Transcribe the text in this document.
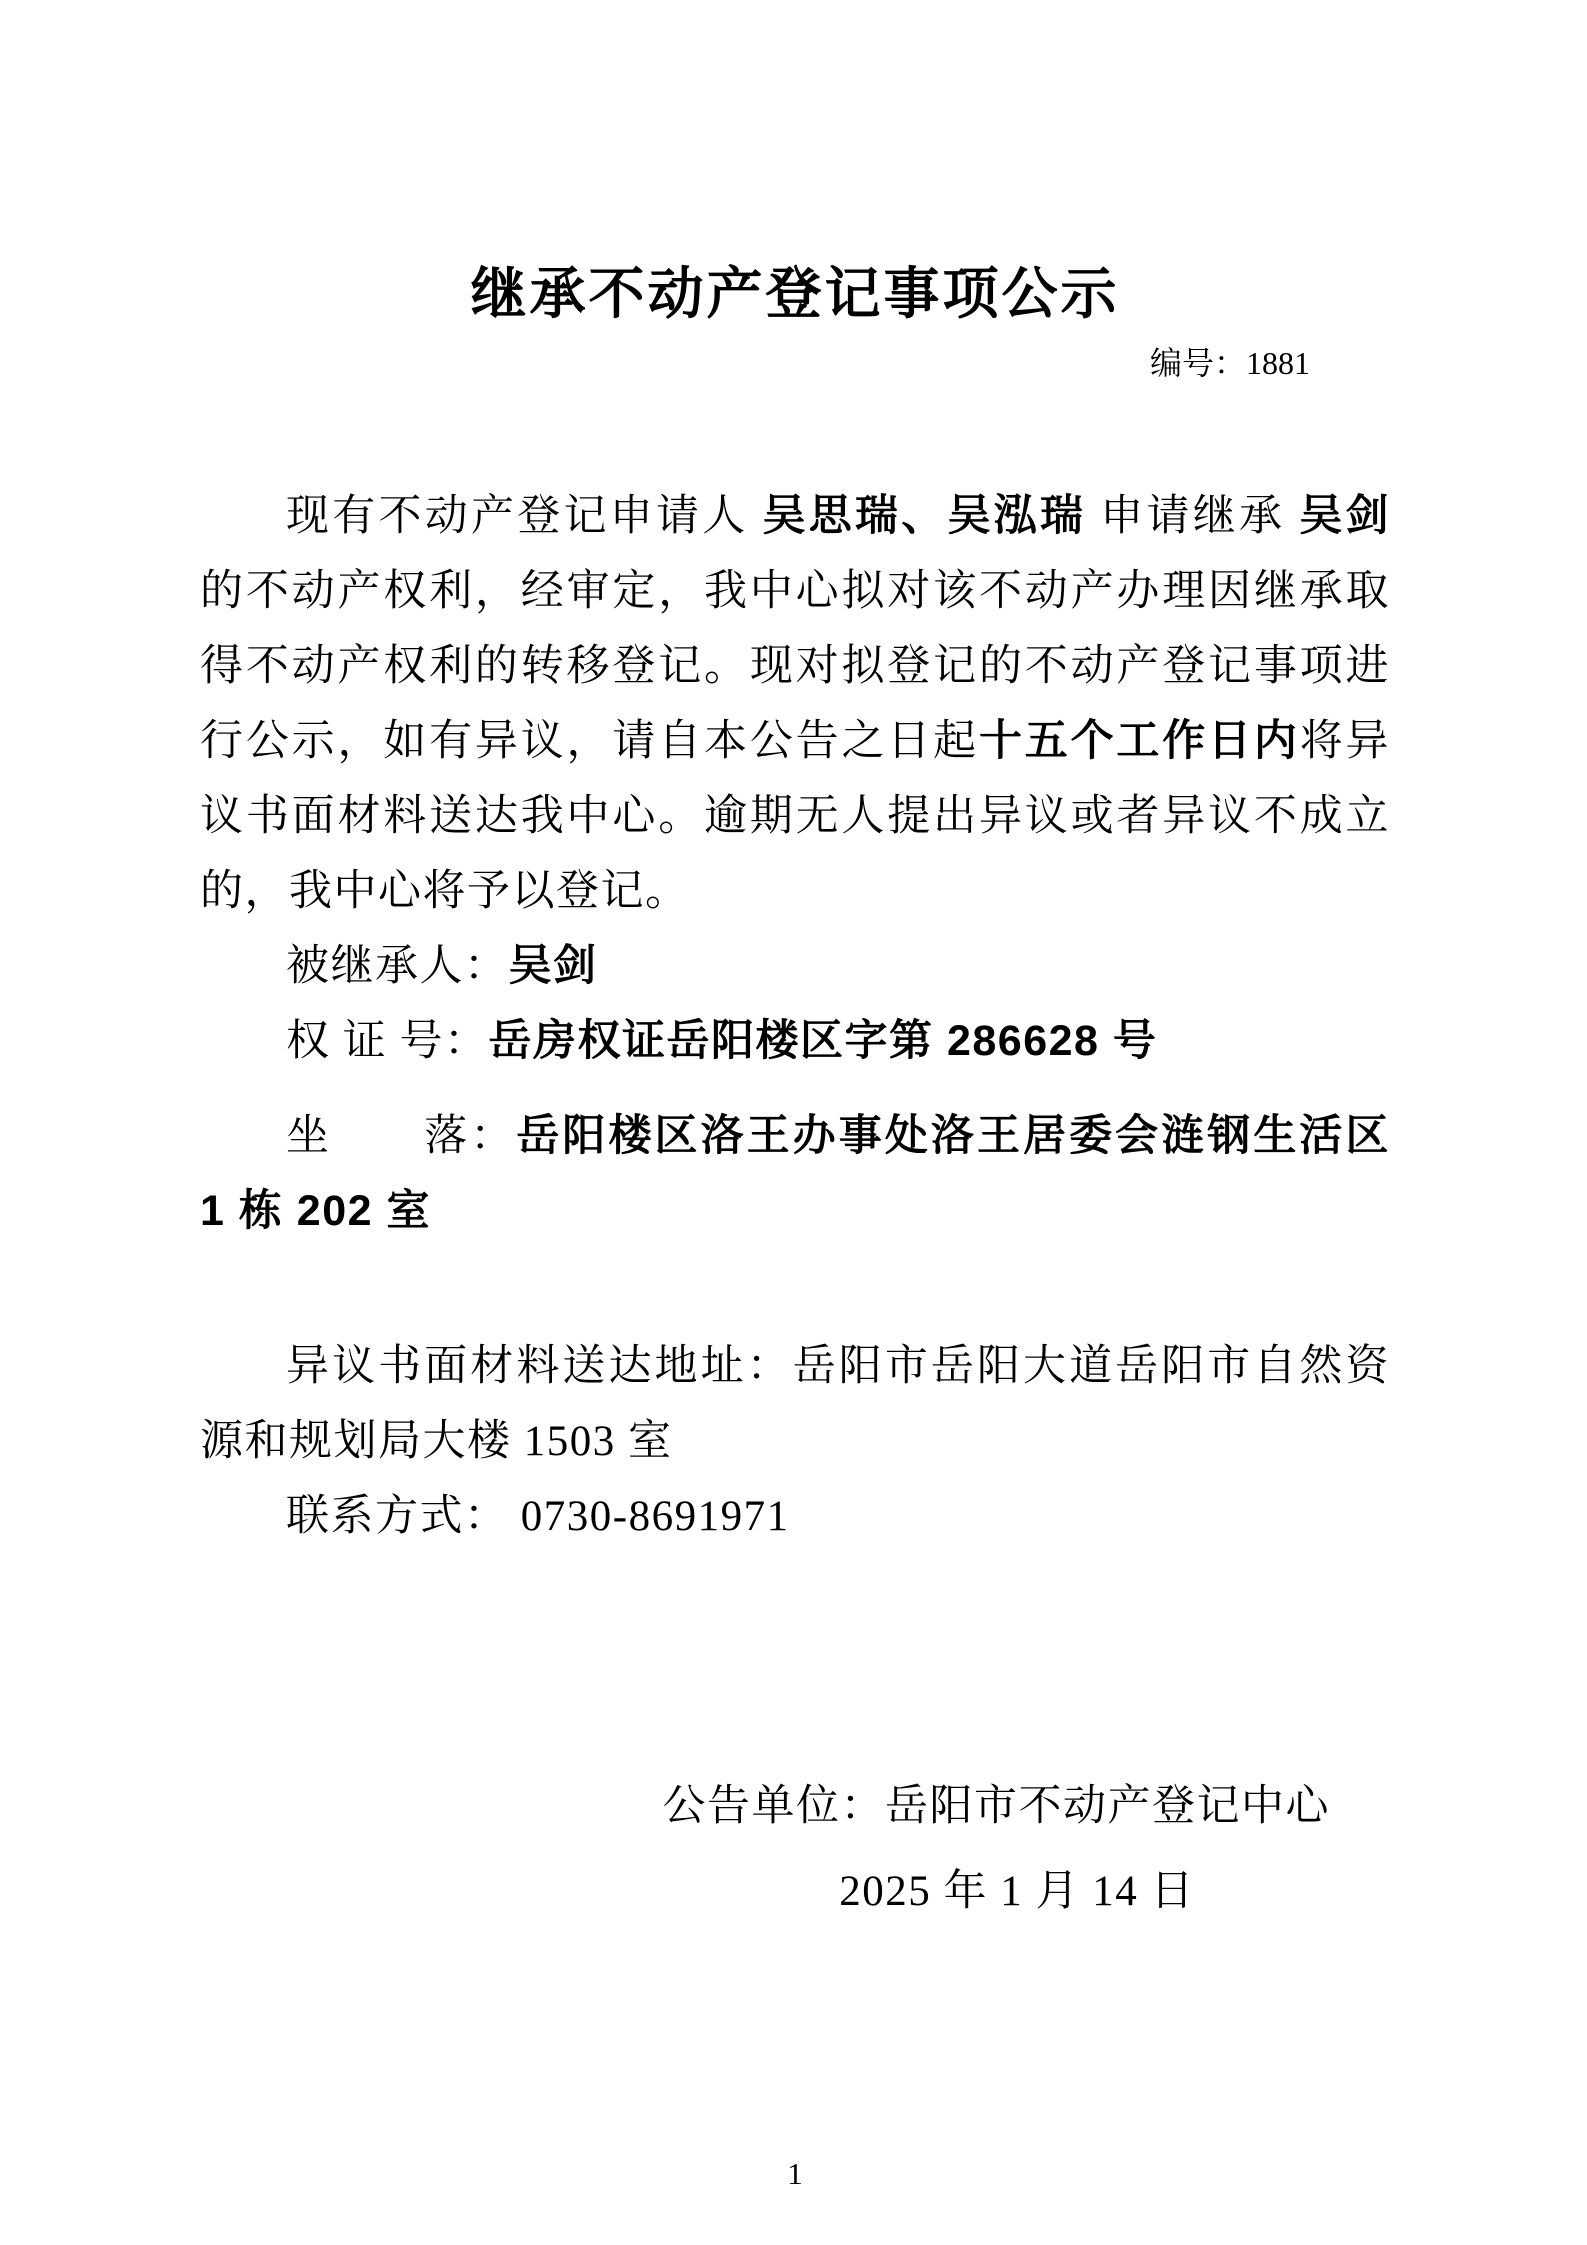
继承不动产登记事项公示
编号：1881

现有不动产登记申请人 吴思瑞、吴泓瑞 申请继承 吴剑 的不动产权利，经审定，我中心拟对该不动产办理因继承取得不动产权利的转移登记。现对拟登记的不动产登记事项进行公示，如有异议，请自本公告之日起十五个工作日内将异议书面材料送达我中心。逾期无人提出异议或者异议不成立的，我中心将予以登记。

被继承人：吴剑

权 证 号：岳房权证岳阳楼区字第 286628 号

坐　　落：岳阳楼区洛王办事处洛王居委会涟钢生活区 1 栋 202 室

异议书面材料送达地址：岳阳市岳阳大道岳阳市自然资源和规划局大楼 1503 室

联系方式： 0730-8691971

公告单位：岳阳市不动产登记中心

2025 年 1 月 14 日

1
